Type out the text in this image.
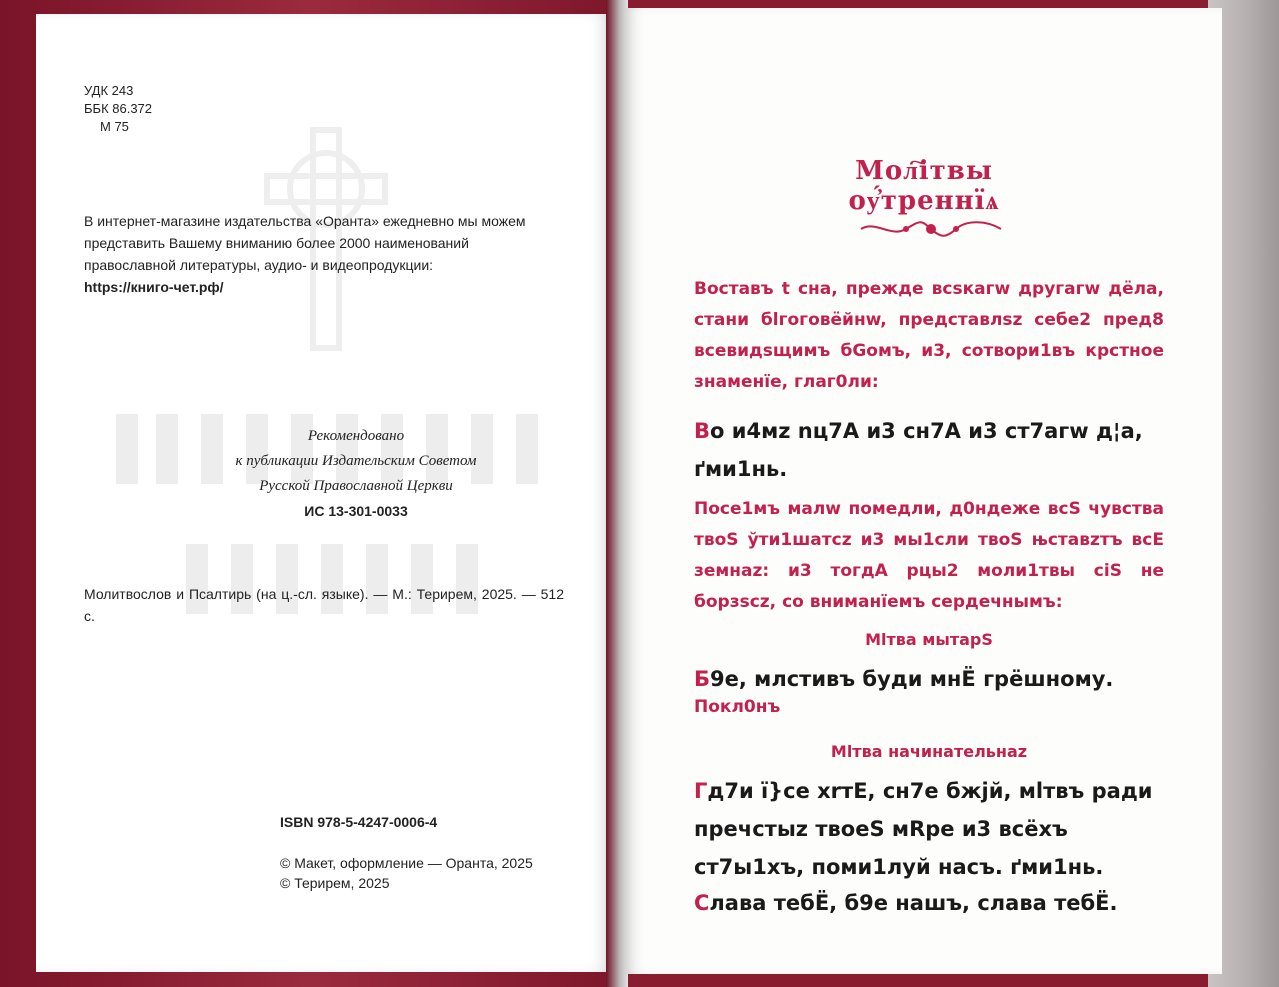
УДК 243
ББК 86.372
М 75
В интернет-магазине издательства «Оранта» ежедневно мы можем представить Вашему вниманию более 2000 наименований православной литературы, аудио- и видеопродукции:
https://книго-чет.рф/
Рекомендовано
к публикации Издательским Советом
Русской Православной Церкви
ИС 13-301-0033
Молитвослов и Псалтирь (на ц.-сл. языке). — М.: Терирем, 2025. — 512 с.
ISBN 978-5-4247-0006-4
© Макет, оформление — Оранта, 2025
© Терирем, 2025
Мол҇ітвы оу҆́треннїѧ
Востaвъ t сна, прeжде всsкагw дрyгагw дёла, стaни бlгоговёйнw, представлsz себе2 пред8 всевидsщимъ бGомъ, и3, сотвори1въ крcтное знaменїе, глаг0ли:
Во и4мz nц7A и3 сн7A и3 ст7aгw д¦а, ґми1нь.
Посе1мъ мaлw помeдли, д0ндеже всS чyвства твоS ўти1шатсz и3 мы1сли твоS њстaвzтъ всE земнaz: и3 тогдA рцы2 моли1твы сіS не борзsсz, со внимaнїемъ сердeчнымъ:
Мlтва мытарS
Б9е, млcтивъ бyди мнЁ грёшному.
Покл0нъ
Мlтва начинaтельнаz
Гд7и ї}се хrтE, сн7е бжjй, мlтвъ рaди пречcтыz твоеS мRре и3 всёхъ ст7ы1хъ, поми1луй нaсъ. ґми1нь.
Слaва тебЁ, б9е нaшъ, слaва тебЁ.
